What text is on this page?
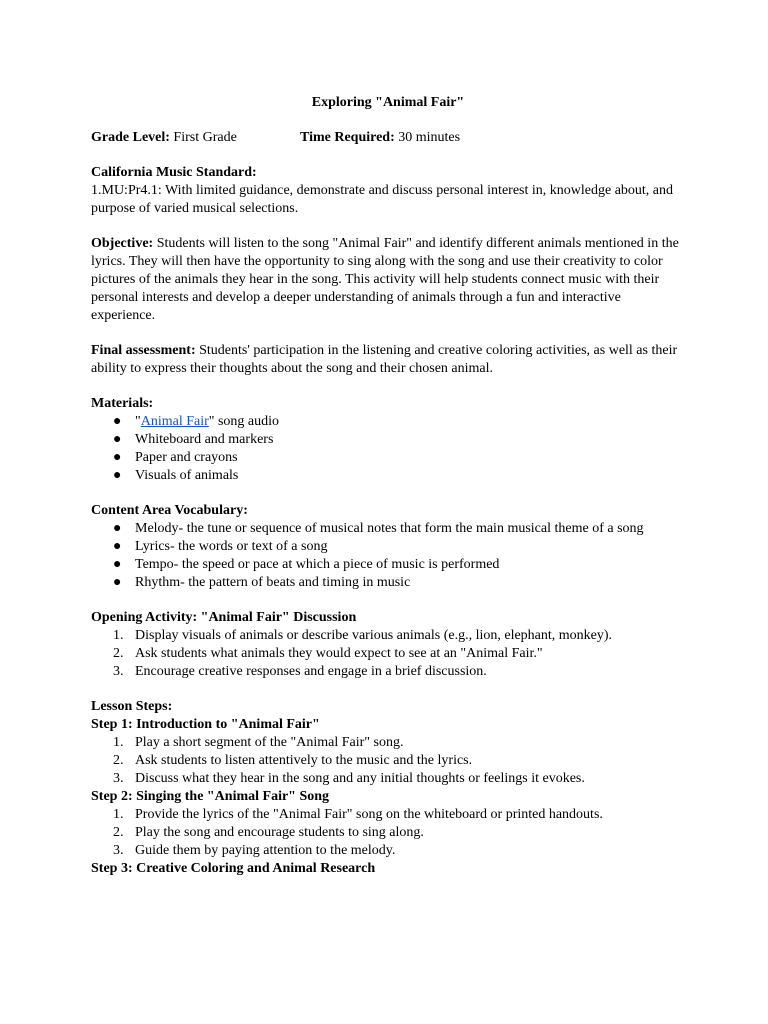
Exploring "Animal Fair"
Grade Level: First Grade	Time Required: 30 minutes
California Music Standard:
1.MU:Pr4.1: With limited guidance, demonstrate and discuss personal interest in, knowledge about, and purpose of varied musical selections.
Objective: Students will listen to the song "Animal Fair" and identify different animals mentioned in the lyrics. They will then have the opportunity to sing along with the song and use their creativity to color pictures of the animals they hear in the song. This activity will help students connect music with their personal interests and develop a deeper understanding of animals through a fun and interactive experience.
Final assessment: Students' participation in the listening and creative coloring activities, as well as their ability to express their thoughts about the song and their chosen animal.
Materials:
● "Animal Fair" song audio
● Whiteboard and markers
● Paper and crayons
● Visuals of animals
Content Area Vocabulary:
● Melody- the tune or sequence of musical notes that form the main musical theme of a song
● Lyrics- the words or text of a song
● Tempo- the speed or pace at which a piece of music is performed
● Rhythm- the pattern of beats and timing in music
Opening Activity: "Animal Fair" Discussion
1. Display visuals of animals or describe various animals (e.g., lion, elephant, monkey).
2. Ask students what animals they would expect to see at an "Animal Fair."
3. Encourage creative responses and engage in a brief discussion.
Lesson Steps:
Step 1: Introduction to "Animal Fair"
1. Play a short segment of the "Animal Fair" song.
2. Ask students to listen attentively to the music and the lyrics.
3. Discuss what they hear in the song and any initial thoughts or feelings it evokes.
Step 2: Singing the "Animal Fair" Song
1. Provide the lyrics of the "Animal Fair" song on the whiteboard or printed handouts.
2. Play the song and encourage students to sing along.
3. Guide them by paying attention to the melody.
Step 3: Creative Coloring and Animal Research
